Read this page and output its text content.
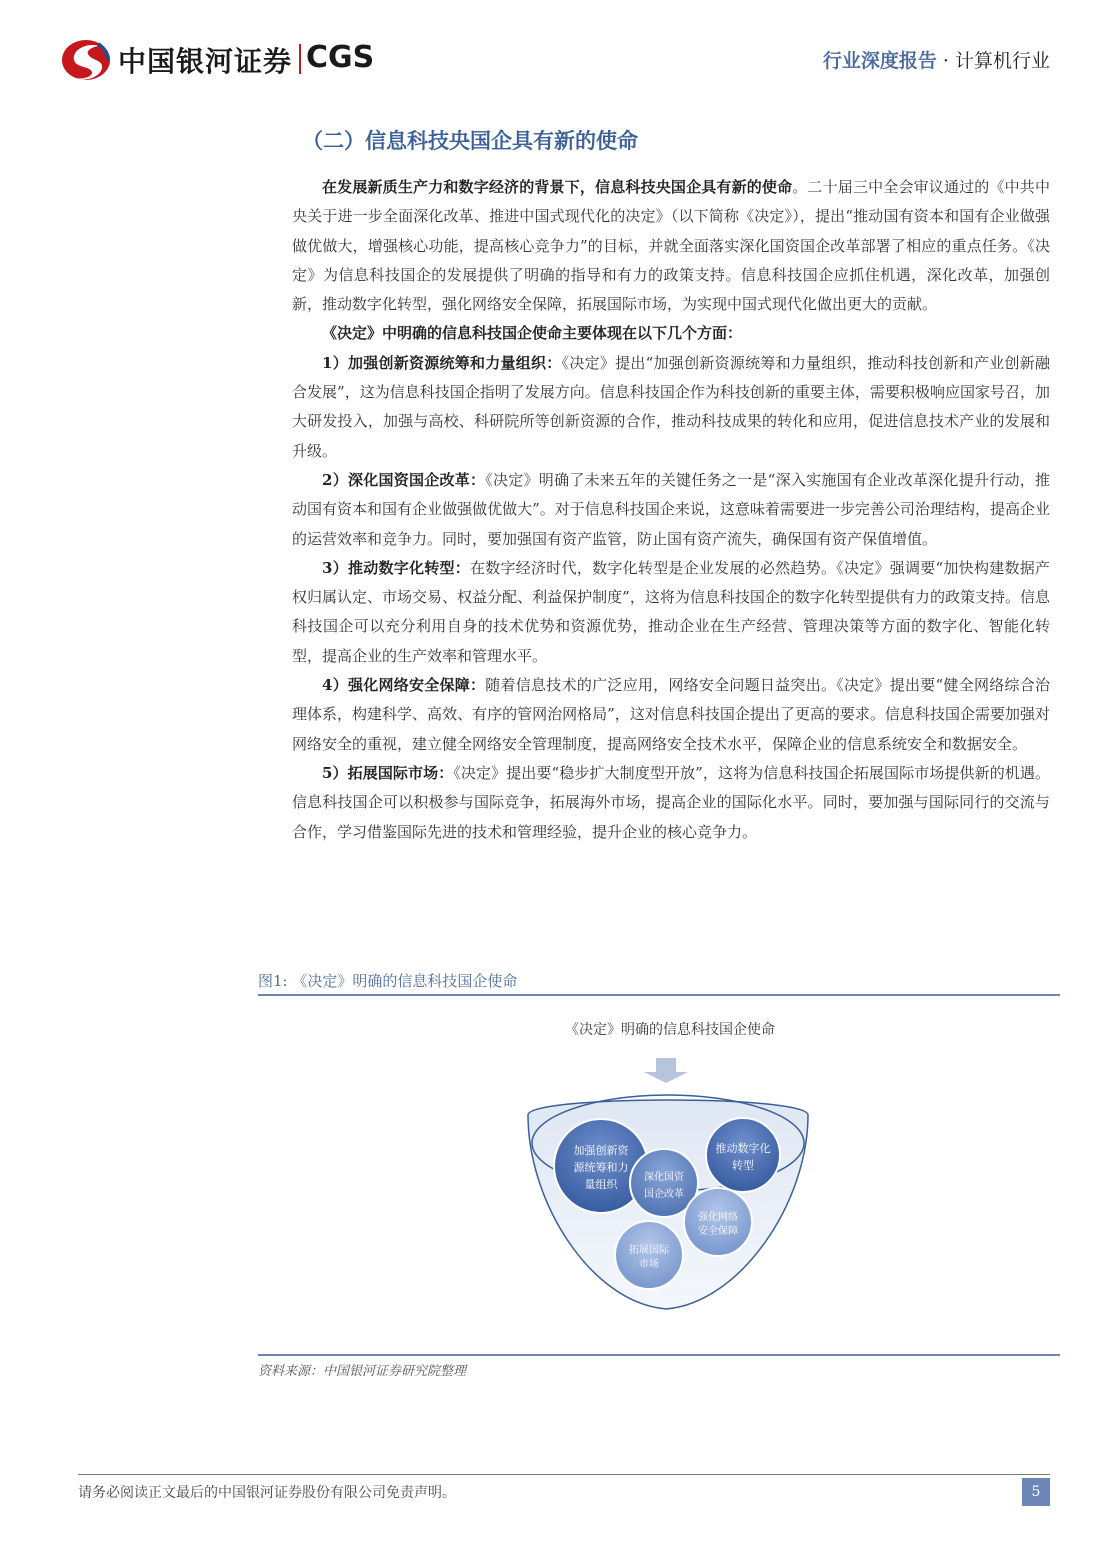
中国银河证券 CGS	行业深度报告 · 计算机行业
（二）信息科技央国企具有新的使命

在发展新质生产力和数字经济的背景下，信息科技央国企具有新的使命。二十届三中全会审议通过的《中共中央关于进一步全面深化改革、推进中国式现代化的决定》（以下简称《决定》），提出“推动国有资本和国有企业做强做优做大，增强核心功能，提高核心竞争力”的目标，并就全面落实深化国资国企改革部署了相应的重点任务。《决定》为信息科技国企的发展提供了明确的指导和有力的政策支持。信息科技国企应抓住机遇，深化改革，加强创新，推动数字化转型，强化网络安全保障，拓展国际市场，为实现中国式现代化做出更大的贡献。

《决定》中明确的信息科技国企使命主要体现在以下几个方面：

1）加强创新资源统筹和力量组织：《决定》提出“加强创新资源统筹和力量组织，推动科技创新和产业创新融合发展”，这为信息科技国企指明了发展方向。信息科技国企作为科技创新的重要主体，需要积极响应国家号召，加大研发投入，加强与高校、科研院所等创新资源的合作，推动科技成果的转化和应用，促进信息技术产业的发展和升级。

2）深化国资国企改革：《决定》明确了未来五年的关键任务之一是“深入实施国有企业改革深化提升行动，推动国有资本和国有企业做强做优做大”。对于信息科技国企来说，这意味着需要进一步完善公司治理结构，提高企业的运营效率和竞争力。同时，要加强国有资产监管，防止国有资产流失，确保国有资产保值增值。

3）推动数字化转型：在数字经济时代，数字化转型是企业发展的必然趋势。《决定》强调要“加快构建数据产权归属认定、市场交易、权益分配、利益保护制度”，这将为信息科技国企的数字化转型提供有力的政策支持。信息科技国企可以充分利用自身的技术优势和资源优势，推动企业在生产经营、管理决策等方面的数字化、智能化转型，提高企业的生产效率和管理水平。

4）强化网络安全保障：随着信息技术的广泛应用，网络安全问题日益突出。《决定》提出要“健全网络综合治理体系，构建科学、高效、有序的管网治网格局”，这对信息科技国企提出了更高的要求。信息科技国企需要加强对网络安全的重视，建立健全网络安全管理制度，提高网络安全技术水平，保障企业的信息系统安全和数据安全。

5）拓展国际市场：《决定》提出要“稳步扩大制度型开放”，这将为信息科技国企拓展国际市场提供新的机遇。信息科技国企可以积极参与国际竞争，拓展海外市场，提高企业的国际化水平。同时，要加强与国际同行的交流与合作，学习借鉴国际先进的技术和管理经验，提升企业的核心竞争力。

图1: 《决定》明确的信息科技国企使命
《决定》明确的信息科技国企使命
加强创新资
源统筹和力
量组织
深化国资
国企改革
推动数字化
转型
强化网络
安全保障
拓展国际
市场
资料来源：中国银河证券研究院整理
请务必阅读正文最后的中国银河证券股份有限公司免责声明。	5
